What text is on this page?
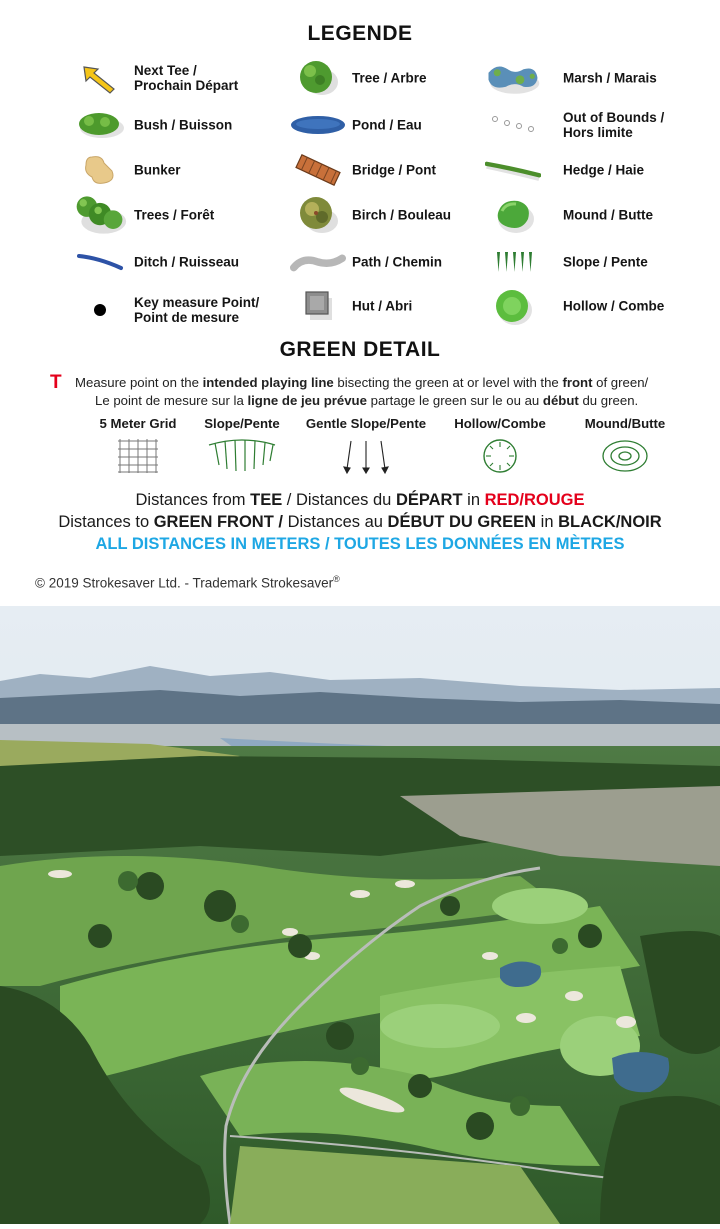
LEGENDE
Next Tee /
Prochain Départ	Tree / Arbre	Marsh / Marais
Bush / Buisson	Pond / Eau	Out of Bounds /
Hors limite
Bunker	Bridge / Pont	Hedge / Haie
Trees / Forêt	Birch / Bouleau	Mound / Butte
Ditch / Ruisseau	Path / Chemin	Slope / Pente
Key measure Point/
Point de mesure
Hut / Abri	Hollow / Combe
GREEN DETAIL
T Measure point on the intended playing line bisecting the green at or level with the front of green/
Le point de mesure sur la ligne de jeu prévue partage le green sur le ou au début du green.
5 Meter Grid	Slope/Pente	Gentle Slope/Pente	Hollow/Combe	Mound/Butte
Distances from TEE / Distances du DÉPART in RED/ROUGE
Distances to GREEN FRONT / Distances au DÉBUT DU GREEN in BLACK/NOIR
ALL DISTANCES IN METERS / TOUTES LES DONNÉES EN MÈTRES
© 2019 Strokesaver Ltd. - Trademark Strokesaver®
